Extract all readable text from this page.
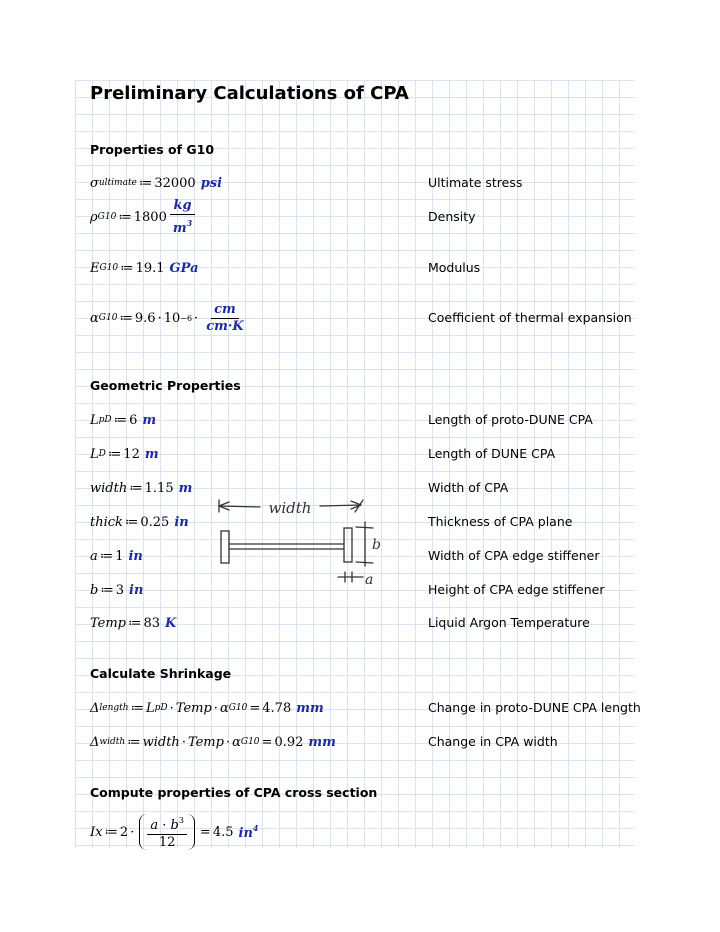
Preliminary Calculations of CPA
Properties of G10
σ ultimate ≔ 32000 psi	Ultimate stress
ρ G10 ≔ $1800 \frac{kg}{m^3}$	Density
E G10 ≔ 19.1 GPa	Modulus
α G10 ≔ $9.6 \cdot 10 -6 \cdot \frac{cm}{cm\cdot K}$	Coefficient of thermal expansion
Geometric Properties
L pD ≔ 6 m	Length of proto-DUNE CPA
L D ≔ 12 m	Length of DUNE CPA
width ≔ 1.15 m	Width of CPA
thick ≔ 0.25 in	Thickness of CPA plane
a ≔ 1 in	Width of CPA edge stiffener
b ≔ 3 in	Height of CPA edge stiffener
Temp ≔ 83 K	Liquid Argon Temperature
width
b
a
Calculate Shrinkage
Δ length ≔ L pD · Temp · α G10 = 4.78 mm	Change in proto-DUNE CPA length
Δ width ≔ width · Temp · α G10 = 0.92 mm	Change in CPA width
Compute properties of CPA cross section
Ix ≔ $2 \cdot \frac{a \cdot b^3}{12} = 4.5$ $in^4$
